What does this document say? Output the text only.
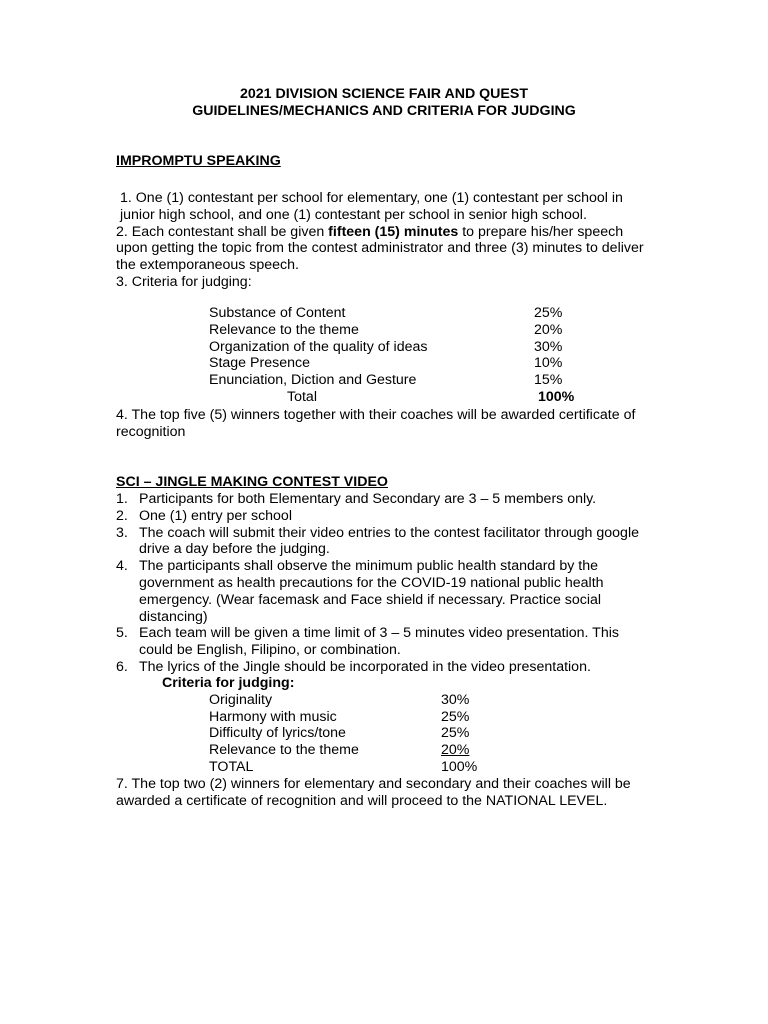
2021 DIVISION SCIENCE FAIR AND QUEST
GUIDELINES/MECHANICS AND CRITERIA FOR JUDGING
IMPROMPTU SPEAKING

1. One (1) contestant per school for elementary, one (1) contestant per school in junior high school, and one (1) contestant per school in senior high school.

2. Each contestant shall be given fifteen (15) minutes to prepare his/her speech upon getting the topic from the contest administrator and three (3) minutes to deliver the extemporaneous speech.

3. Criteria for judging:

Substance of Content	25%
Relevance to the theme	20%
Organization of the quality of ideas	30%
Stage Presence	10%
Enunciation, Diction and Gesture	15%
Total	100%

4. The top five (5) winners together with their coaches will be awarded certificate of recognition

SCI – JINGLE MAKING CONTEST VIDEO
1. Participants for both Elementary and Secondary are 3 – 5 members only.
2. One (1) entry per school
3. The coach will submit their video entries to the contest facilitator through google drive a day before the judging.
4. The participants shall observe the minimum public health standard by the government as health precautions for the COVID-19 national public health emergency. (Wear facemask and Face shield if necessary. Practice social distancing)
5. Each team will be given a time limit of 3 – 5 minutes video presentation. This could be English, Filipino, or combination.
6. The lyrics of the Jingle should be incorporated in the video presentation.
Criteria for judging:
Originality	30%
Harmony with music	25%
Difficulty of lyrics/tone	25%
Relevance to the theme	20%
TOTAL	100%

7. The top two (2) winners for elementary and secondary and their coaches will be awarded a certificate of recognition and will proceed to the NATIONAL LEVEL.
